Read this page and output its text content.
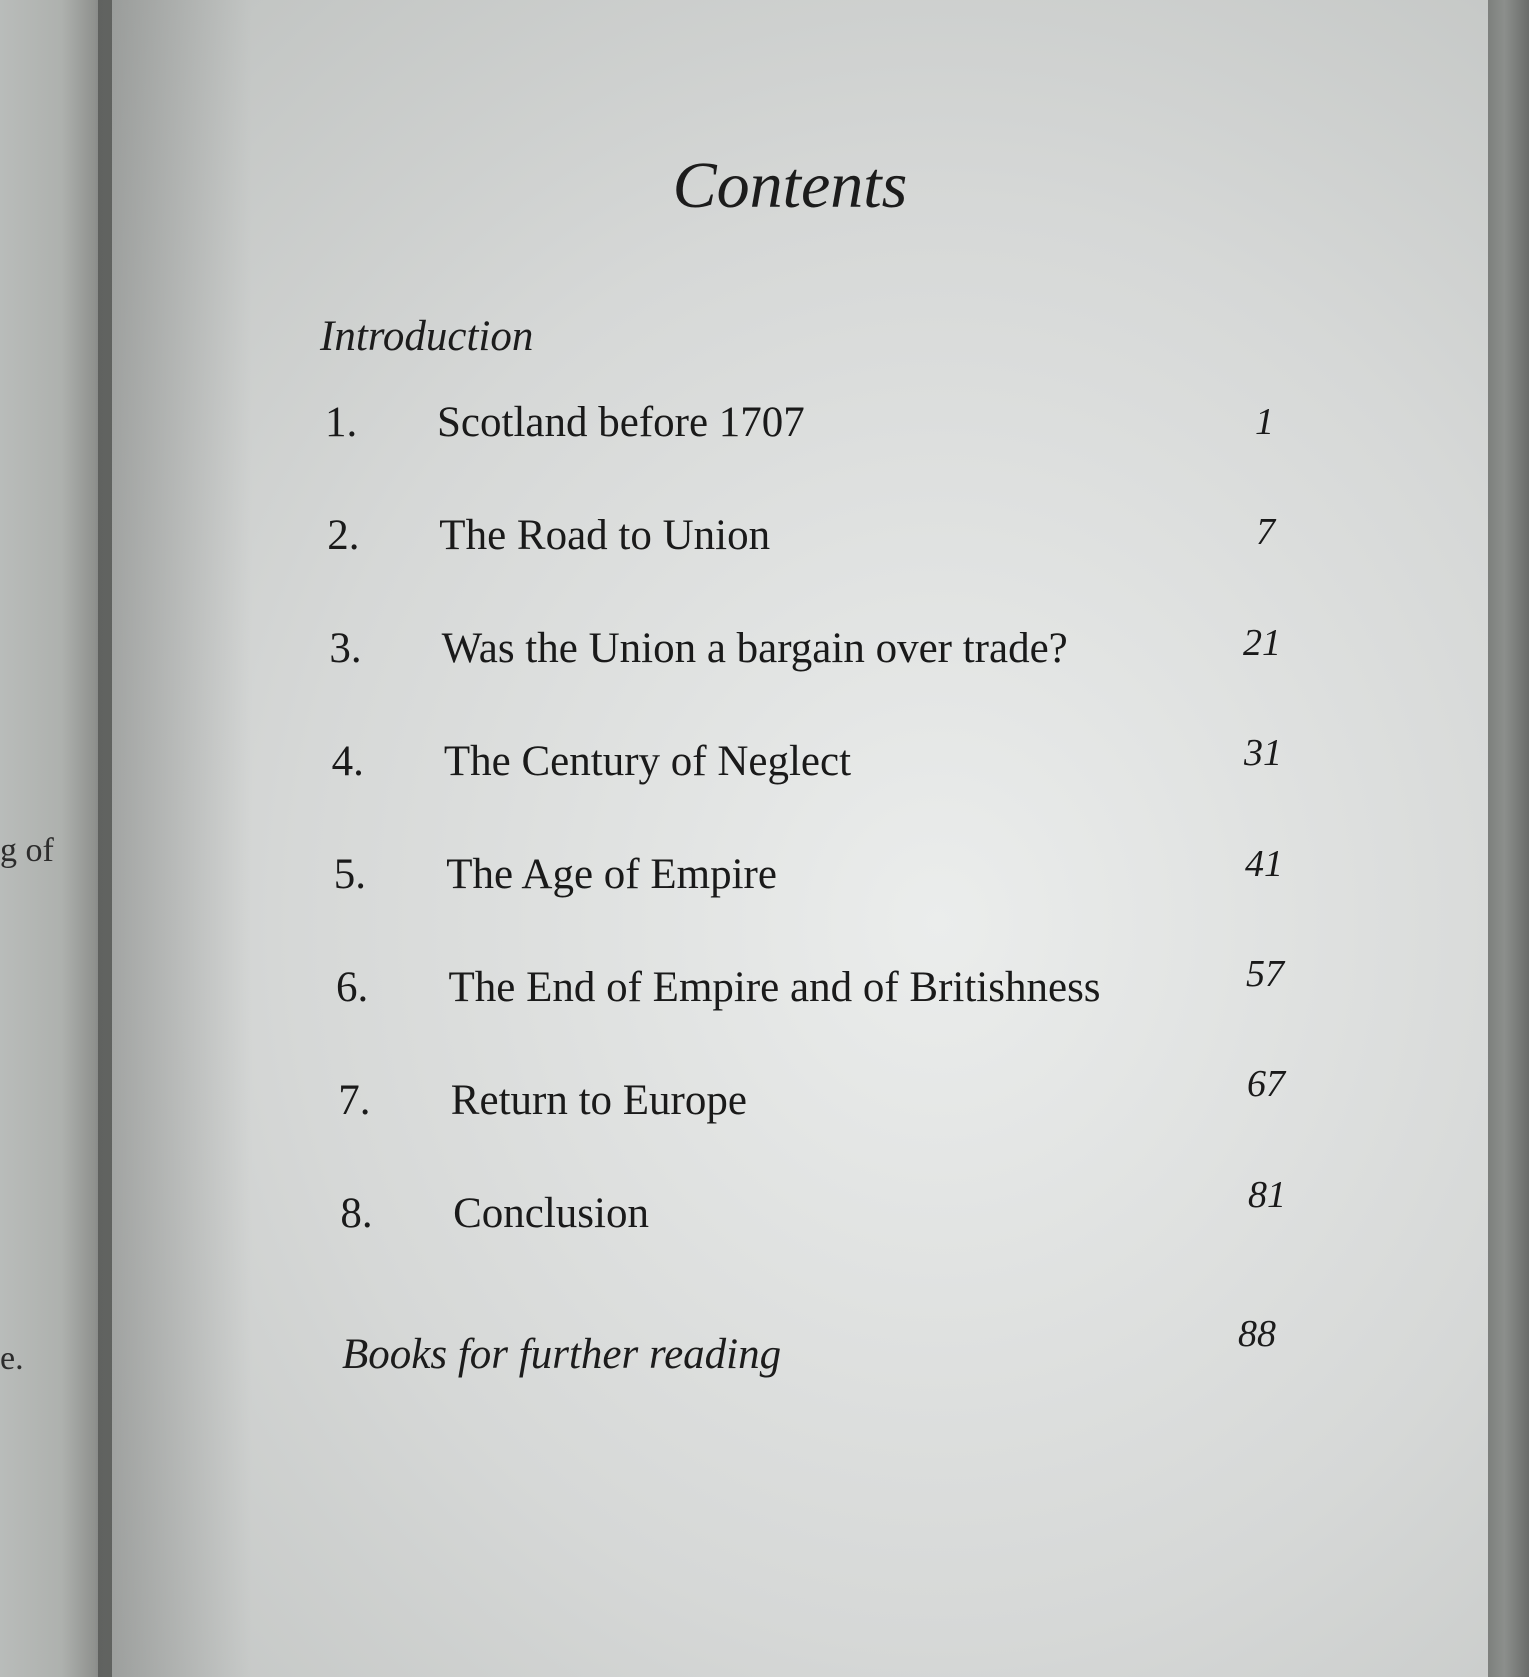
g of
e.
Contents
Introduction
1. Scotland before 1707	1
2. The Road to Union	7
3. Was the Union a bargain over trade?	21
4. The Century of Neglect	31
5. The Age of Empire	41
6. The End of Empire and of Britishness	57
7. Return to Europe	67
8. Conclusion	81
Books for further reading	88
